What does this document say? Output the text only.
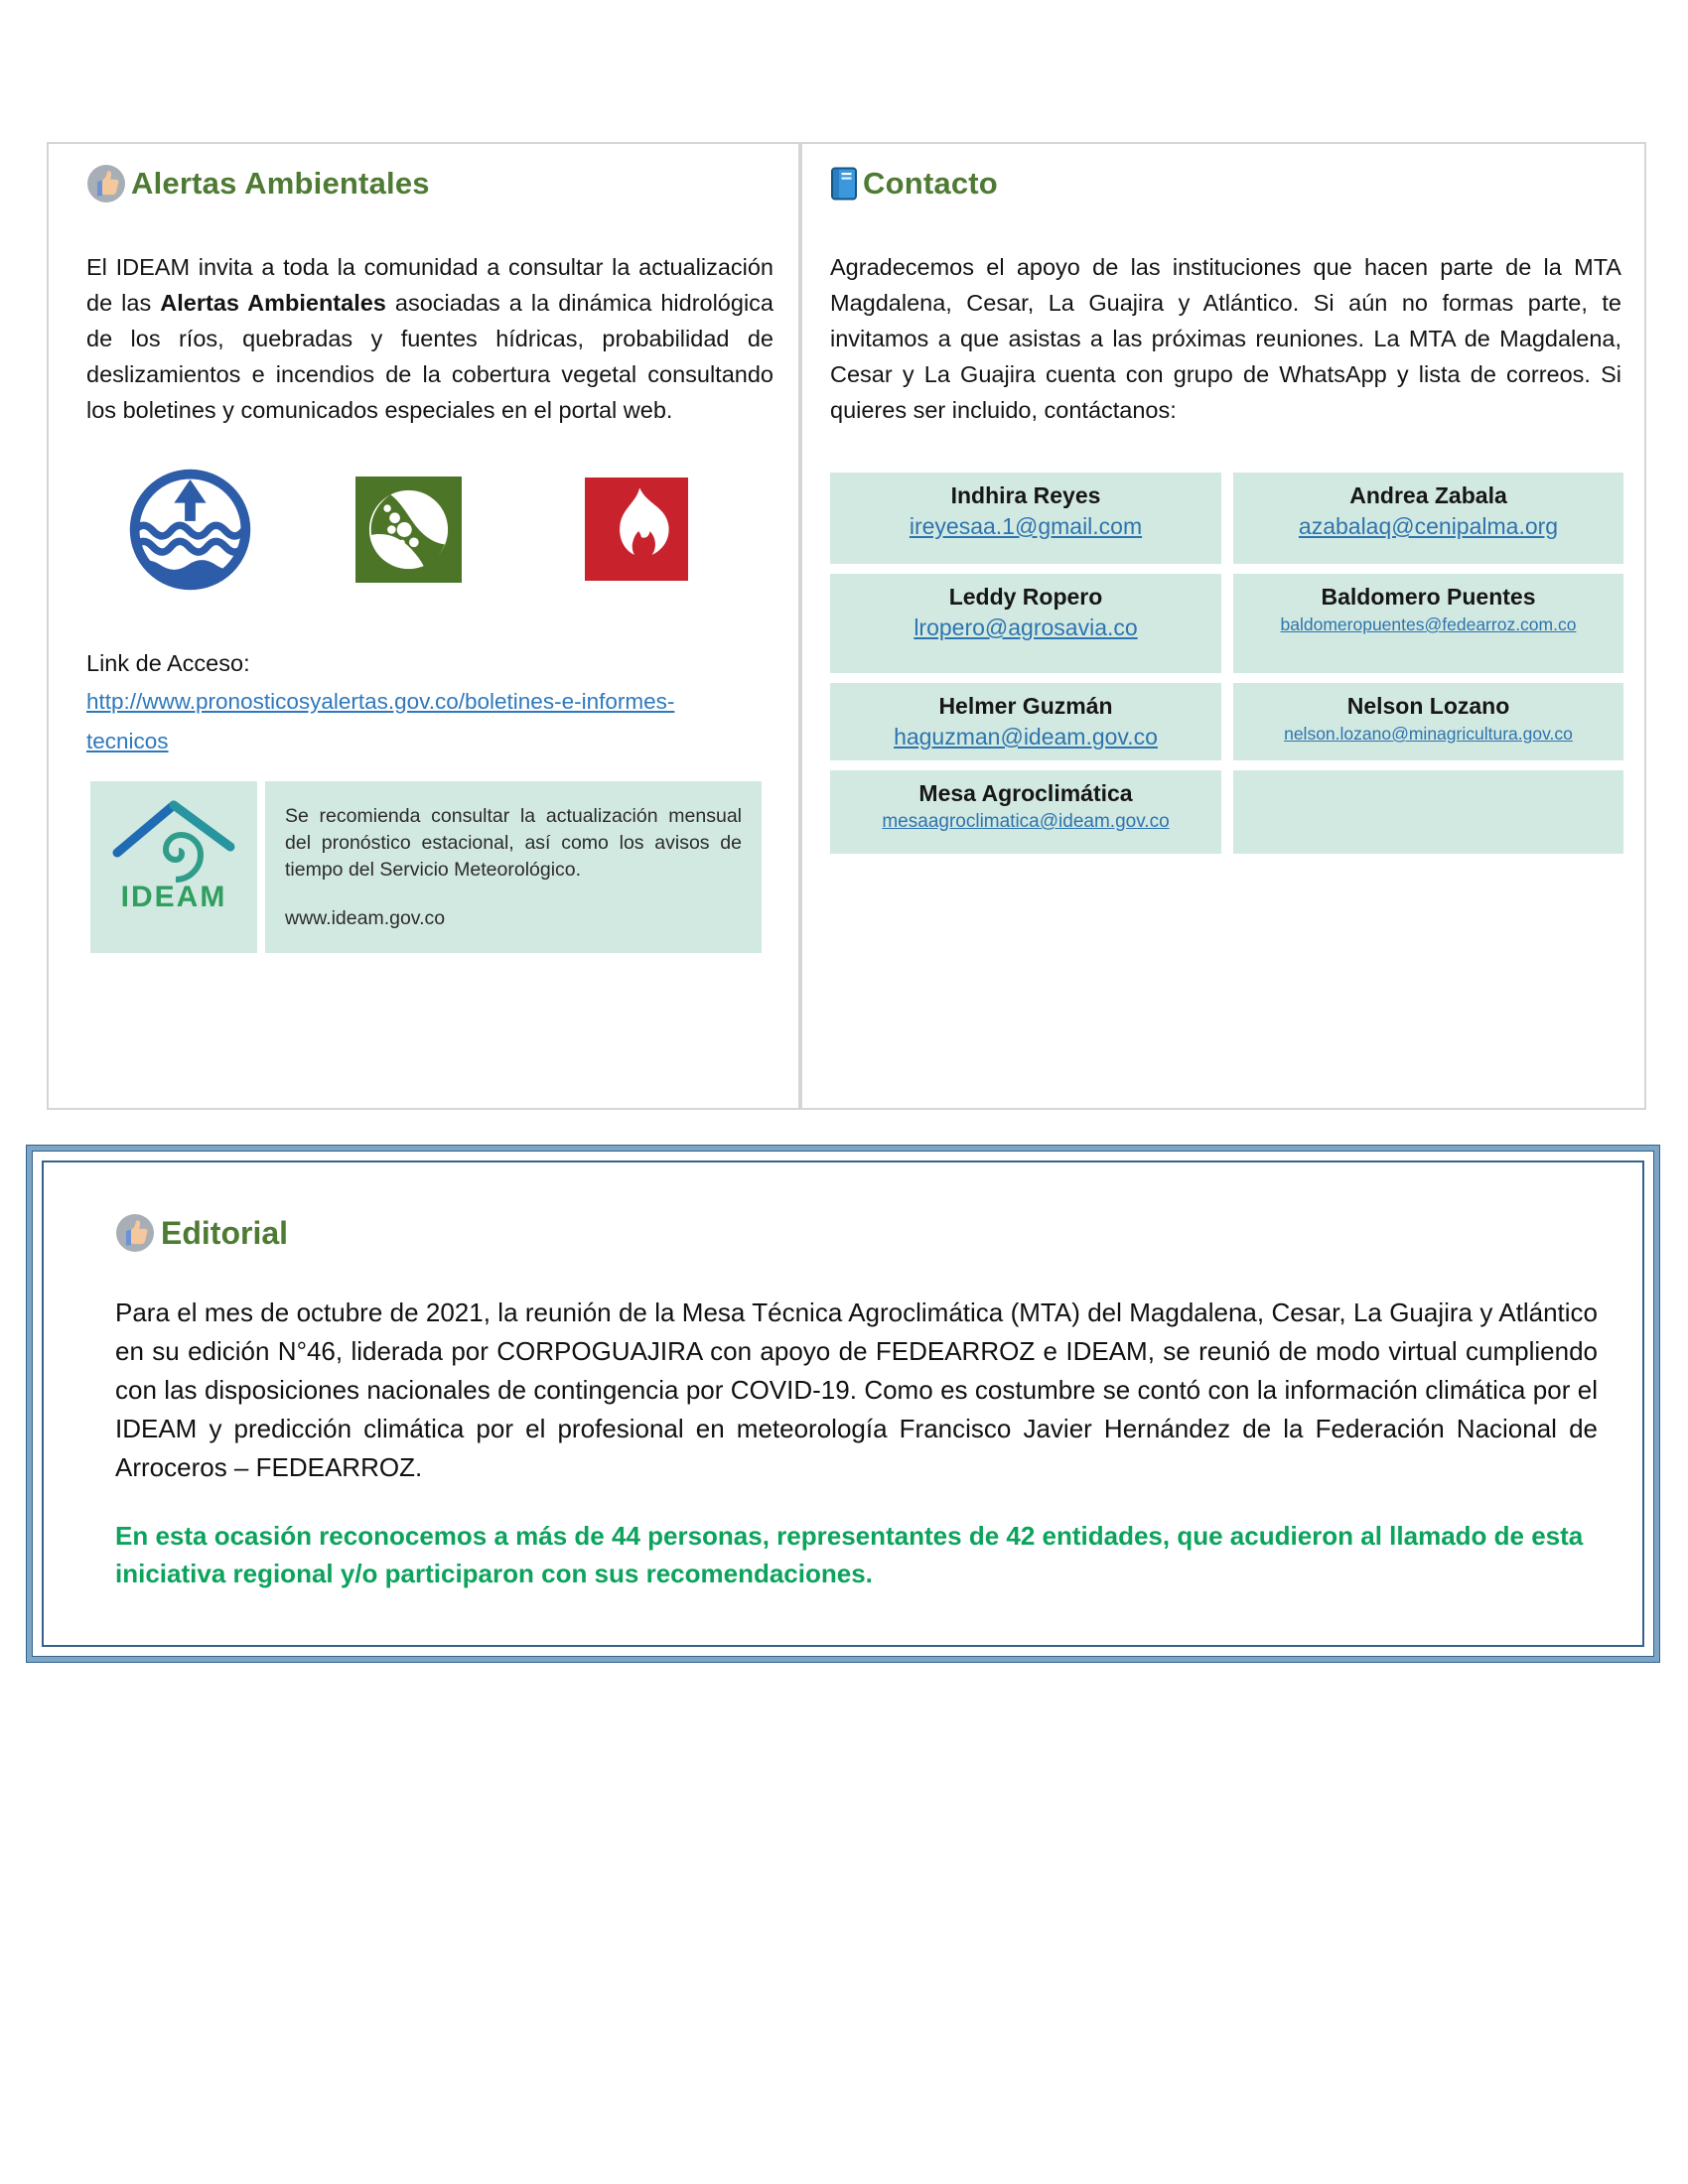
Alertas Ambientales
El IDEAM invita a toda la comunidad a consultar la actualización de las Alertas Ambientales asociadas a la dinámica hidrológica de los ríos, quebradas y fuentes hídricas, probabilidad de deslizamientos e incendios de la cobertura vegetal consultando los boletines y comunicados especiales en el portal web.
Link de Acceso:
http://www.pronosticosyalertas.gov.co/boletines-e-informes-tecnicos
IDEAM
Se recomienda consultar la actualización mensual del pronóstico estacional, así como los avisos de tiempo del Servicio Meteorológico.
www.ideam.gov.co
Contacto
Agradecemos el apoyo de las instituciones que hacen parte de la MTA Magdalena, Cesar, La Guajira y Atlántico. Si aún no formas parte, te invitamos a que asistas a las próximas reuniones. La MTA de Magdalena, Cesar y La Guajira cuenta con grupo de WhatsApp y lista de correos. Si quieres ser incluido, contáctanos:
Indhira Reyes
ireyesaa.1@gmail.com
Andrea Zabala
azabalaq@cenipalma.org
Leddy Ropero
lropero@agrosavia.co
Baldomero Puentes
baldomeropuentes@fedearroz.com.co
Helmer Guzmán
haguzman@ideam.gov.co
Nelson Lozano
nelson.lozano@minagricultura.gov.co
Mesa Agroclimática
mesaagroclimatica@ideam.gov.co
Editorial
Para el mes de octubre de 2021, la reunión de la Mesa Técnica Agroclimática (MTA) del Magdalena, Cesar, La Guajira y Atlántico en su edición N°46, liderada por CORPOGUAJIRA con apoyo de FEDEARROZ e IDEAM, se reunió de modo virtual cumpliendo con las disposiciones nacionales de contingencia por COVID-19. Como es costumbre se contó con la información climática por el IDEAM y predicción climática por el profesional en meteorología Francisco Javier Hernández de la Federación Nacional de Arroceros – FEDEARROZ.
En esta ocasión reconocemos a más de 44 personas, representantes de 42 entidades, que acudieron al llamado de esta iniciativa regional y/o participaron con sus recomendaciones.
